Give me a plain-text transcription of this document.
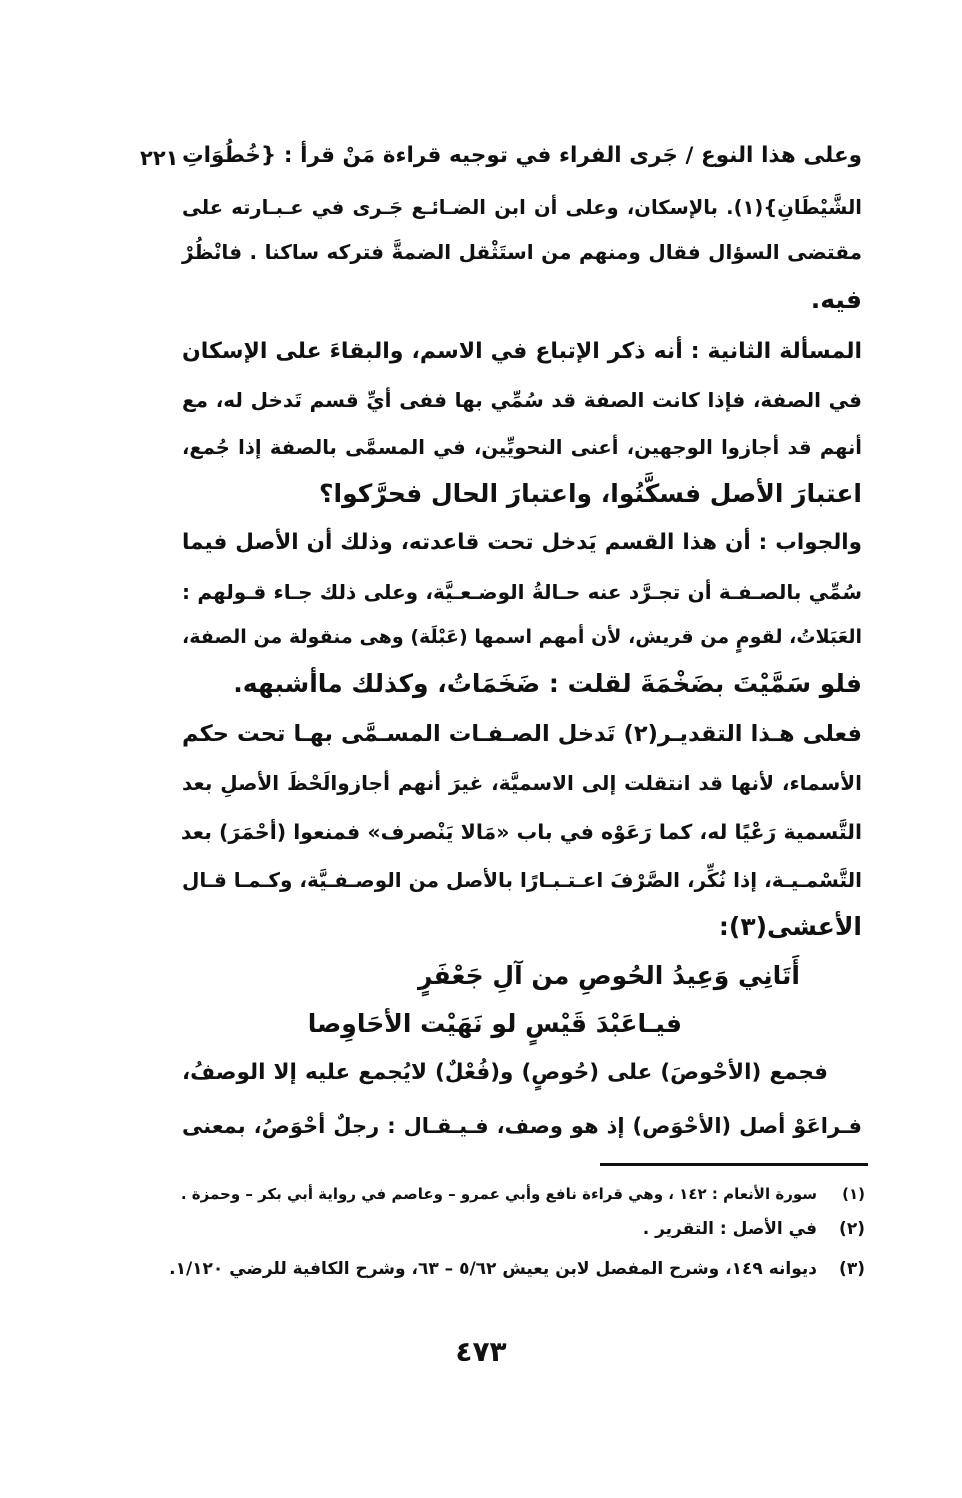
٢٢١ وعلى هذا النوع / جَرى الفراء في توجيه قراءة مَنْ قرأ : {خُطُوَاتِ
الشَّيْطَانِ}(١). بالإسكان، وعلى أن ابن الضـائـع جَـرى في عـبـارته على
مقتضى السؤال فقال ومنهم من استَثْقل الضمةَّ فتركه ساكنا . فانْظُرْ
فيه.
المسألة الثانية : أنه ذكر الإتباع في الاسم، والبقاءَ على الإسكان
في الصفة، فإذا كانت الصفة قد سُمِّي بها ففى أيِّ قسم تَدخل له، مع
أنهم قد أجازوا الوجهين، أعنى النحويِّين، في المسمَّى بالصفة إذا جُمع،
اعتبارَ الأصل فسكَّنُوا، واعتبارَ الحال فحرَّكوا؟
والجواب : أن هذا القسم يَدخل تحت قاعدته، وذلك أن الأصل فيما
سُمِّي بالصـفـة أن تجـرَّد عنه حـالةُ الوضـعـيَّة، وعلى ذلك جـاء قـولهم :
العَبَلاتُ، لقومٍ من قريش، لأن أمهم اسمها (عَبْلَة) وهى منقولة من الصفة،
فلو سَمَّيْتَ بضَخْمَةَ لقلت : ضَخَمَاتُ، وكذلك ماأشبهه.
فعلى هـذا التقديـر(٢) تَدخل الصـفـات المسـمَّى بهـا تحت حكم
الأسماء، لأنها قد انتقلت إلى الاسميَّة، غيرَ أنهم أجازوالَحْظَ الأصلِ بعد
التَّسمية رَعْيًا له، كما رَعَوْه في باب «مَالا يَنْصرف» فمنعوا (أحْمَرَ) بعد
التَّسْمـيـة، إذا نُكِّر، الصَّرْفَ اعـتـبـارًا بالأصل من الوصـفـيَّة، وكـمـا قـال
الأعشى(٣):
أَتَانِي وَعِيدُ الحُوصِ من آلِ جَعْفَرٍ
فيـاعَبْدَ قَيْسٍ لو نَهَيْت الأحَاوِصا
فجمع (الأحْوصَ) على (حُوصٍ) و(فُعْلٌ) لايُجمع عليه إلا الوصفُ،
فـراعَوْ أصل (الأحْوَص) إذ هو وصف، فـيـقـال : رجلٌ أحْوَصُ، بمعنى
(١)سورة الأنعام : ١٤٢ ، وهي قراءة نافع وأبي عمرو – وعاصم في رواية أبي بكر – وحمزة .
(٢)في الأصل : التقرير .
(٣)ديوانه ١٤٩، وشرح المفصل لابن يعيش ٥/٦٢ – ٦٣، وشرح الكافية للرضي ١/١٢٠.
٤٧٣
